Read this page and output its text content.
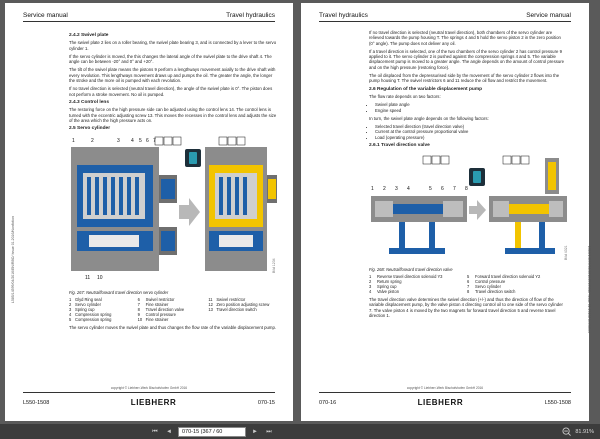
Service manual	Travel hydraulics
L585/14599/04/2016/EN/RBO/ Issue 01.2016/Nonfiction
2.4.2 Swivel plate

The swivel plate 2 lies on a roller bearing, the swivel plate bearing 3, and is connected by a lever to the servo cylinder 1.

If the servo cylinder is moved, the this changes the lateral angle of the swivel plate to the drive shaft 4. The angle can be between -20° and 0° and +20°.

The tilt of the swivel plate means the pistons 9 perform a lengthways movement axially to the drive shaft with every revolution. This lengthways movement draws up and pumps the oil. The greater the angle, the longer the stroke and the more oil is pumped with each revolution.

If no travel direction is selected (neutral travel direction), the angle of the swivel plate is 0°. The piston does not perform a stroke movement. No oil is pumped.

2.4.3 Control lens

The restoring force on the high pressure side can be adjusted using the control lens 14. The control lens is turned with the eccentric adjusting screw 13. This moves the recesses in the control lens and adjusts the size of the area which the high pressure acts on.

2.5 Servo cylinder
1	2	3 4 5 6 7
11 10
Bild 1234
Fig. 267: Neutral/forward travel direction servo cylinder
1 Glyd Ring seal	6	Swivel restrictor	11 Swivel restrictor
2 Servo cylinder	7	Fine strainer	12 Zero position adjusting screw
3 Spring cup	8	Travel direction valve	13 Travel direction switch
4 Compression spring	9	Control pressure
5 Compression spring	10 Fine strainer

The servo cylinder moves the swivel plate and thus changes the flow rate of the variable displacement pump.

copyright © Liebherr-Werk Bischofshofen GmbH 2016
L550-1508	LIEBHERR	070-15
Travel hydraulics	Service manual
L585/14599/04/2016/EN/RBO/ Issue 01.2016/Nonfiction

If no travel direction is selected (neutral travel direction), both chambers of the servo cylinder are relieved towards the pump housing T. The springs 4 and 5 hold the servo piston 2 in the zero position (0° angle). The pump does not deliver any oil.

If a travel direction is selected, one of the two chambers of the servo cylinder 2 has control pressure 9 applied to it. The servo cylinder 2 is pushed against the compression springs 4 and 5. The variable displacement pump is moved to a greater angle. The angle depends on the amount of control pressure and on the high pressure (restoring force).

The oil displaced from the depressurised side by the movement of the servo cylinder 2 flows into the pump housing T. The swivel restrictors 6 and 11 reduce the oil flow and restrict the movement.

2.6 Regulation of the variable displacement pump

The flow rate depends on two factors:

• Swivel plate angle
• Engine speed

In turn, the swivel plate angle depends on the following factors:

• Selected travel direction (travel direction valve)
• Current at the control pressure proportional valve
• Load (operating pressure)
2.6.1 Travel direction valve
1 2 3 4	5 6 7 8
Bild 4321
Fig. 268: Neutral/forward travel direction valve
1	Reverse travel direction solenoid Y3	5	Forward travel direction solenoid Y2
2	Return spring	6	Control pressure
3	Spring cup	7	Servo cylinder
4	Valve piston	8	Travel direction switch

The travel direction valve determines the swivel direction (+/-) and thus the direction of flow of the variable displacement pump, by the valve piston 4 directing control oil to one side of the servo cylinder 7. The valve piston 4 is moved by the two magnets for forward travel direction 5 and reverse travel direction 1.

copyright © Liebherr-Werk Bischofshofen GmbH 2016
070-16	LIEBHERR	L550-1508
⏮	◄	070-15 (367 / 60	►	⏭	81.91%
